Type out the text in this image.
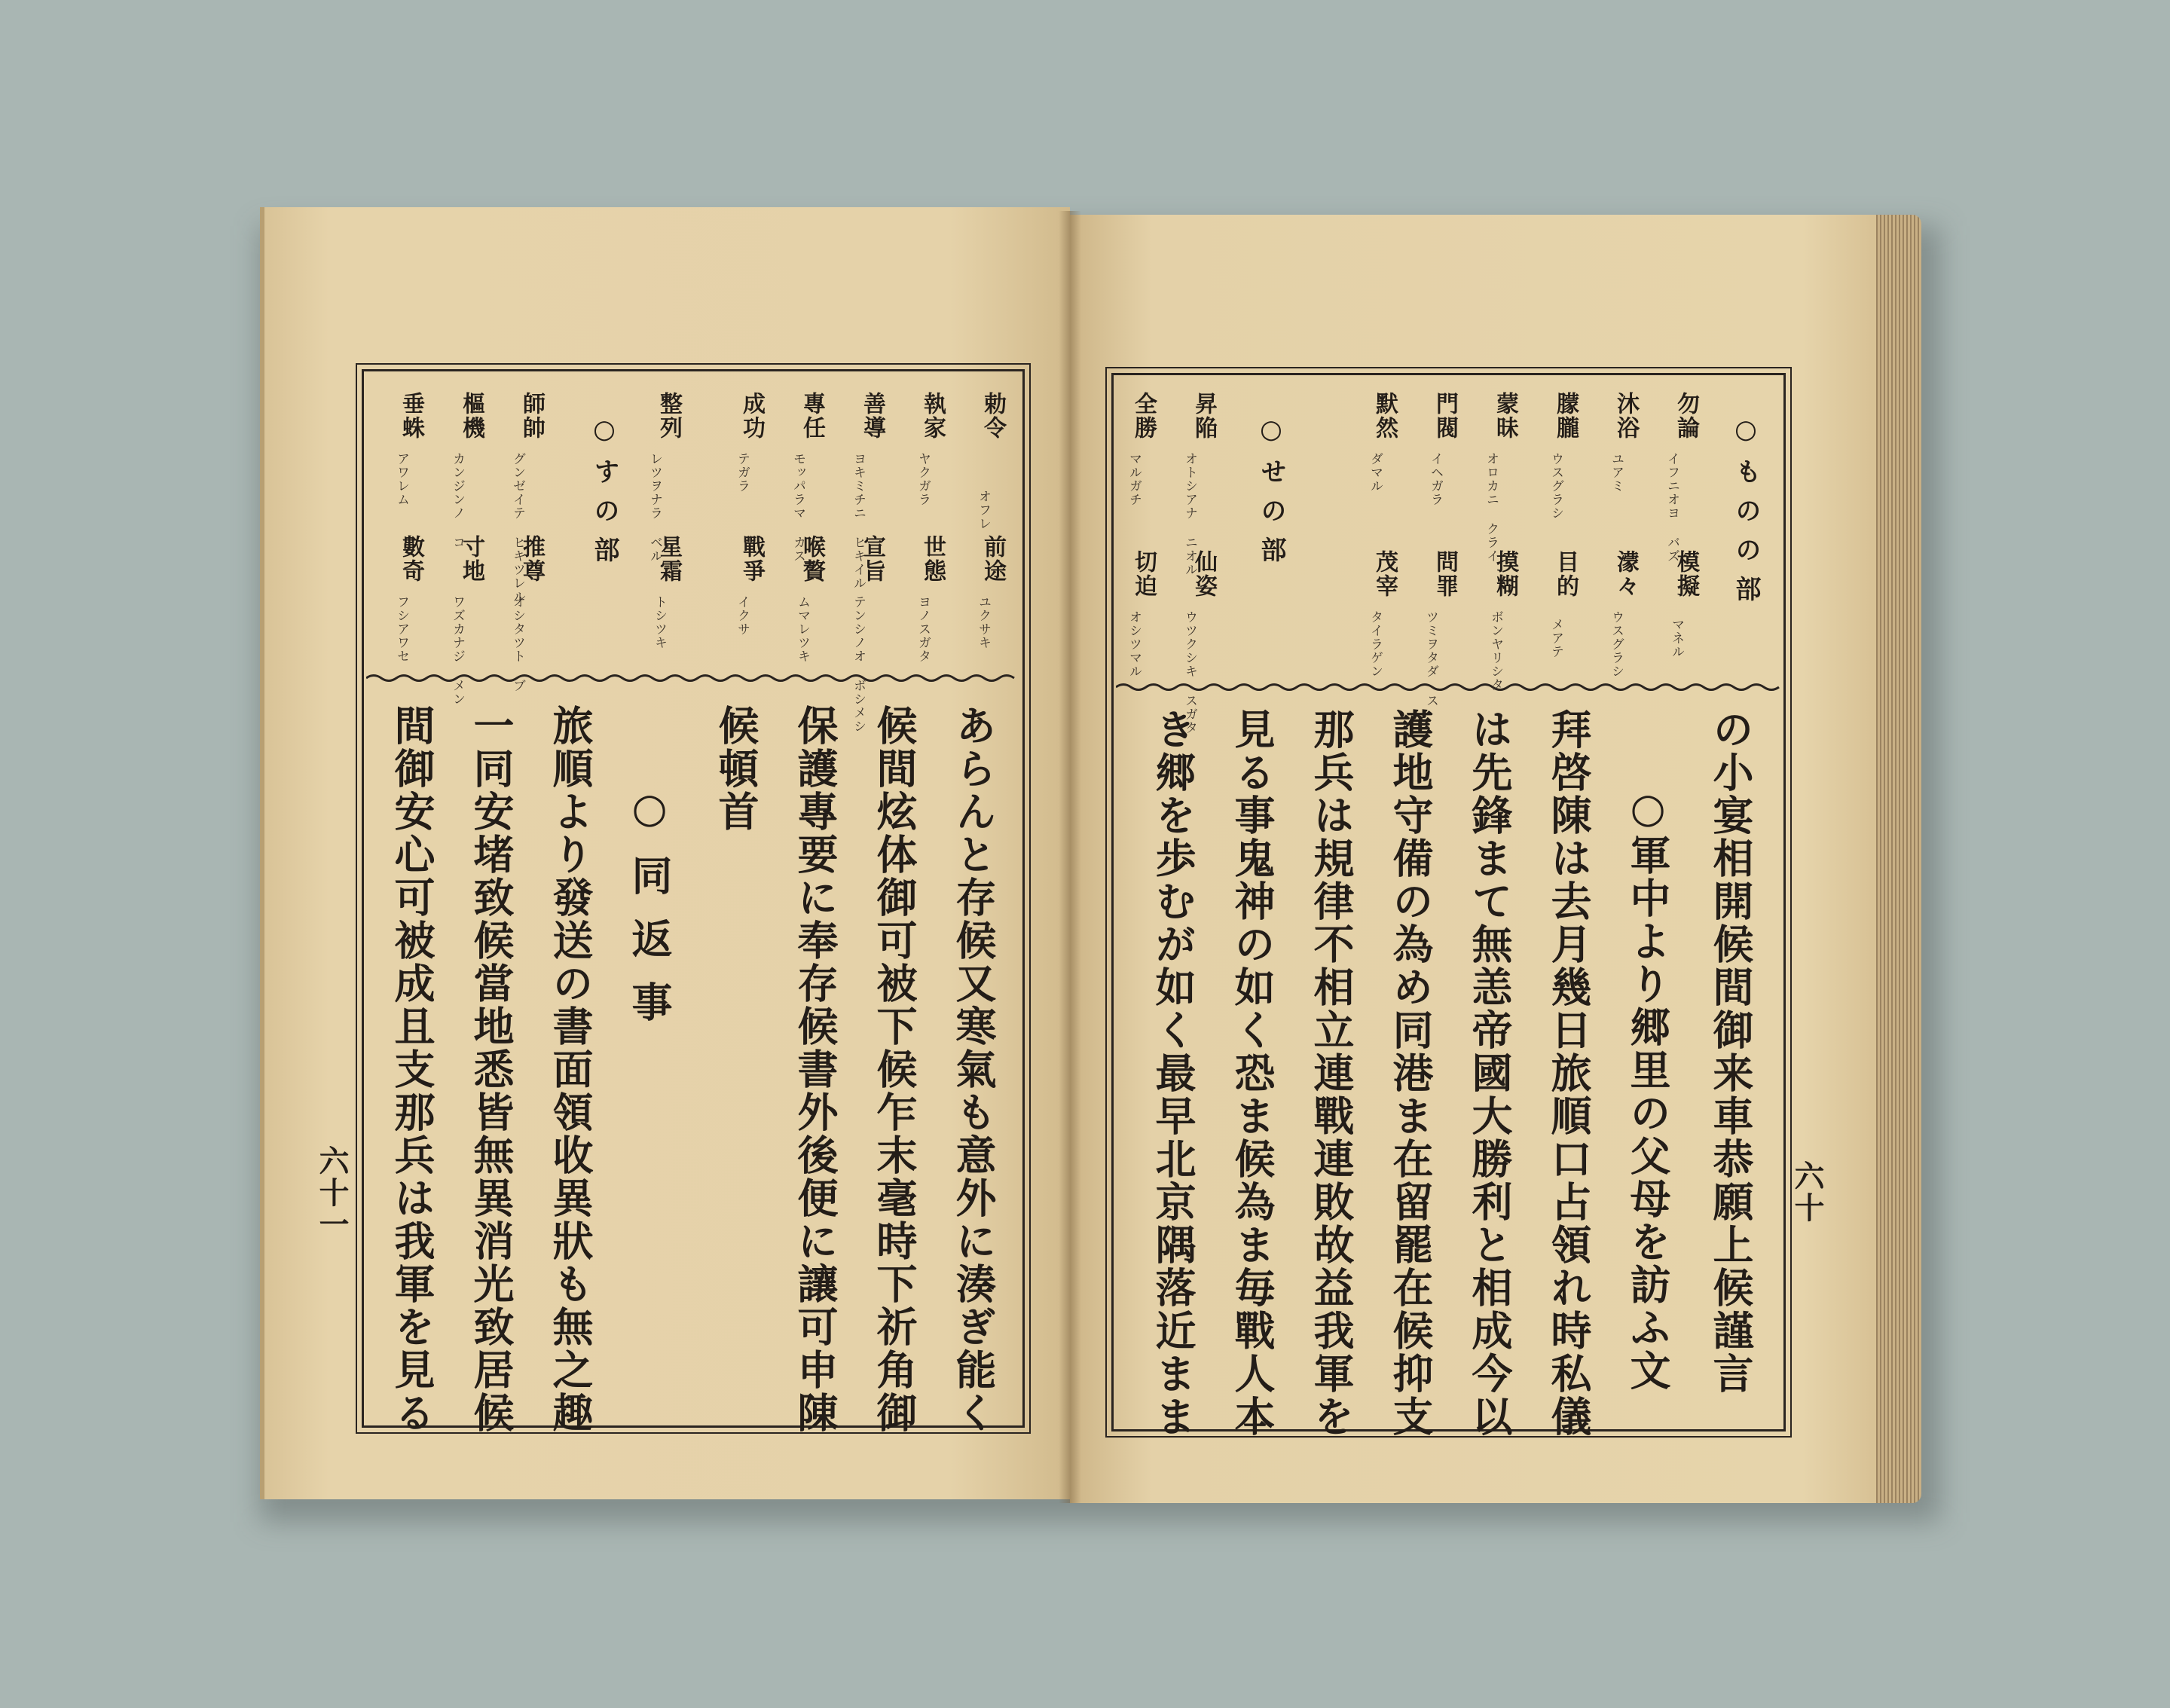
勅令
オフレ
前途
ユクサキ
執家
ヤクガラ
世態
ヨノスガタ
善導
ヨキミチニ ヒキイル
宣旨
テンシノオ ボシメシ
專任
モッパラマ カス
喉贅
ムマレツキ
成功
テガラ
戰爭
イクサ
整列
レツヲナラ ベル
星霜
トシツキ
○すの部
師帥
グンゼイテ ヒキツレル
推尊
オシタツト ブ
樞機
カンジンノ コ
寸地
ワズカナジ メン
垂蛛
アワレム
數奇
フシアワセ
あらんと存候又寒氣も意外に湊ぎ能く
候間炫体御可被下候乍末毫時下祈角御
保護專要に奉存候書外後便に讓可申陳
候頓首
○同返事
旅順より發送の書面領收異狀も無之趣
一同安堵致候當地悉皆無異消光致居候
間御安心可被成且支那兵は我軍を見る
六十一
○ものの部
勿論
イフニオヨ バズ
模擬
マネル
沐浴
ユアミ
濛々
ウスグラシ
朦朧
ウスグラシ
目的
メアテ
蒙昧
オロカニ クライ
摸糊
ボンヤリシタ
門閥
イヘガラ
問罪
ツミヲタダ ス
默然
ダマル
茂宰
タイラゲン
○せの部
昇陥
オトシアナ ニオル
仙姿
ウツクシキ スガタ
全勝
マルガチ
切迫
オシツマル
の小宴相開候間御来車恭願上候謹言
○軍中より郷里の父母を訪ふ文
拜啓陳は去月幾日旅順口占領れ時私儀
は先鋒まて無恙帝國大勝利と相成今以
護地守備の為め同港ま在留罷在候抑支
那兵は規律不相立連戰連敗故益我軍を
見る事鬼神の如く恐ま候為ま毎戰人本
き郷を歩むが如く最早北京隅落近まま	六十
